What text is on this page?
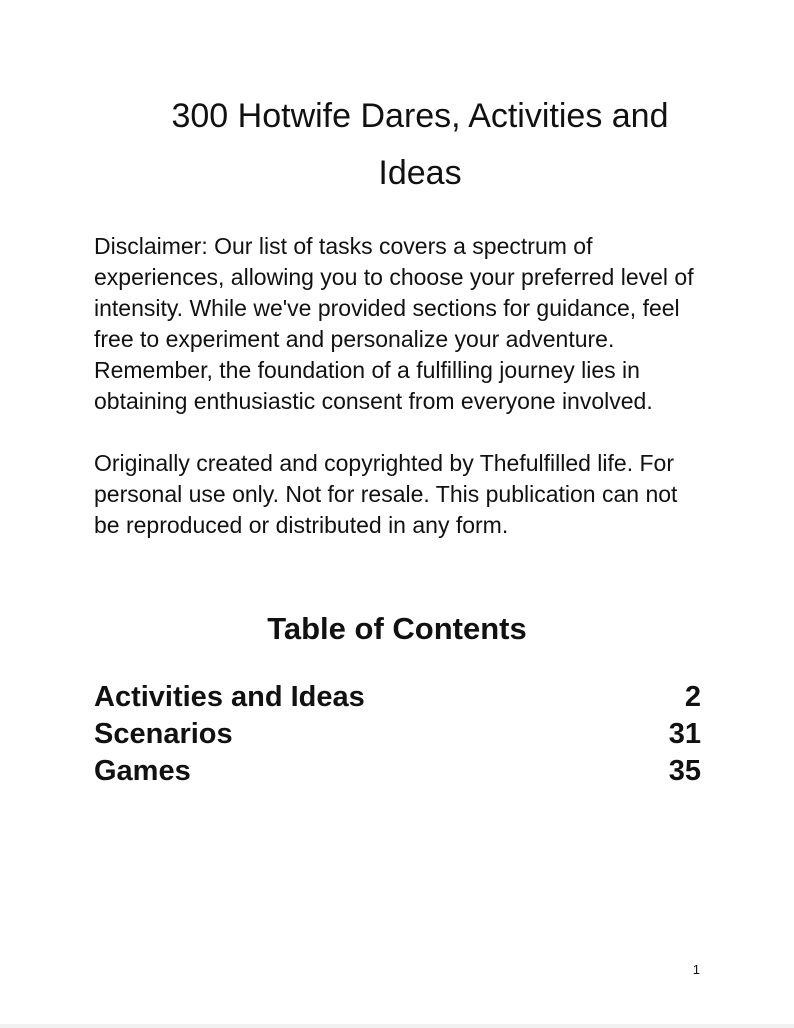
300 Hotwife Dares, Activities and
Ideas

Disclaimer: Our list of tasks covers a spectrum of experiences, allowing you to choose your preferred level of intensity. While we've provided sections for guidance, feel free to experiment and personalize your adventure. Remember, the foundation of a fulfilling journey lies in obtaining enthusiastic consent from everyone involved.

Originally created and copyrighted by Thefulfilled life. For personal use only. Not for resale. This publication can not be reproduced or distributed in any form.

Table of Contents
Activities and Ideas	2
Scenarios	31
Games	35
1
